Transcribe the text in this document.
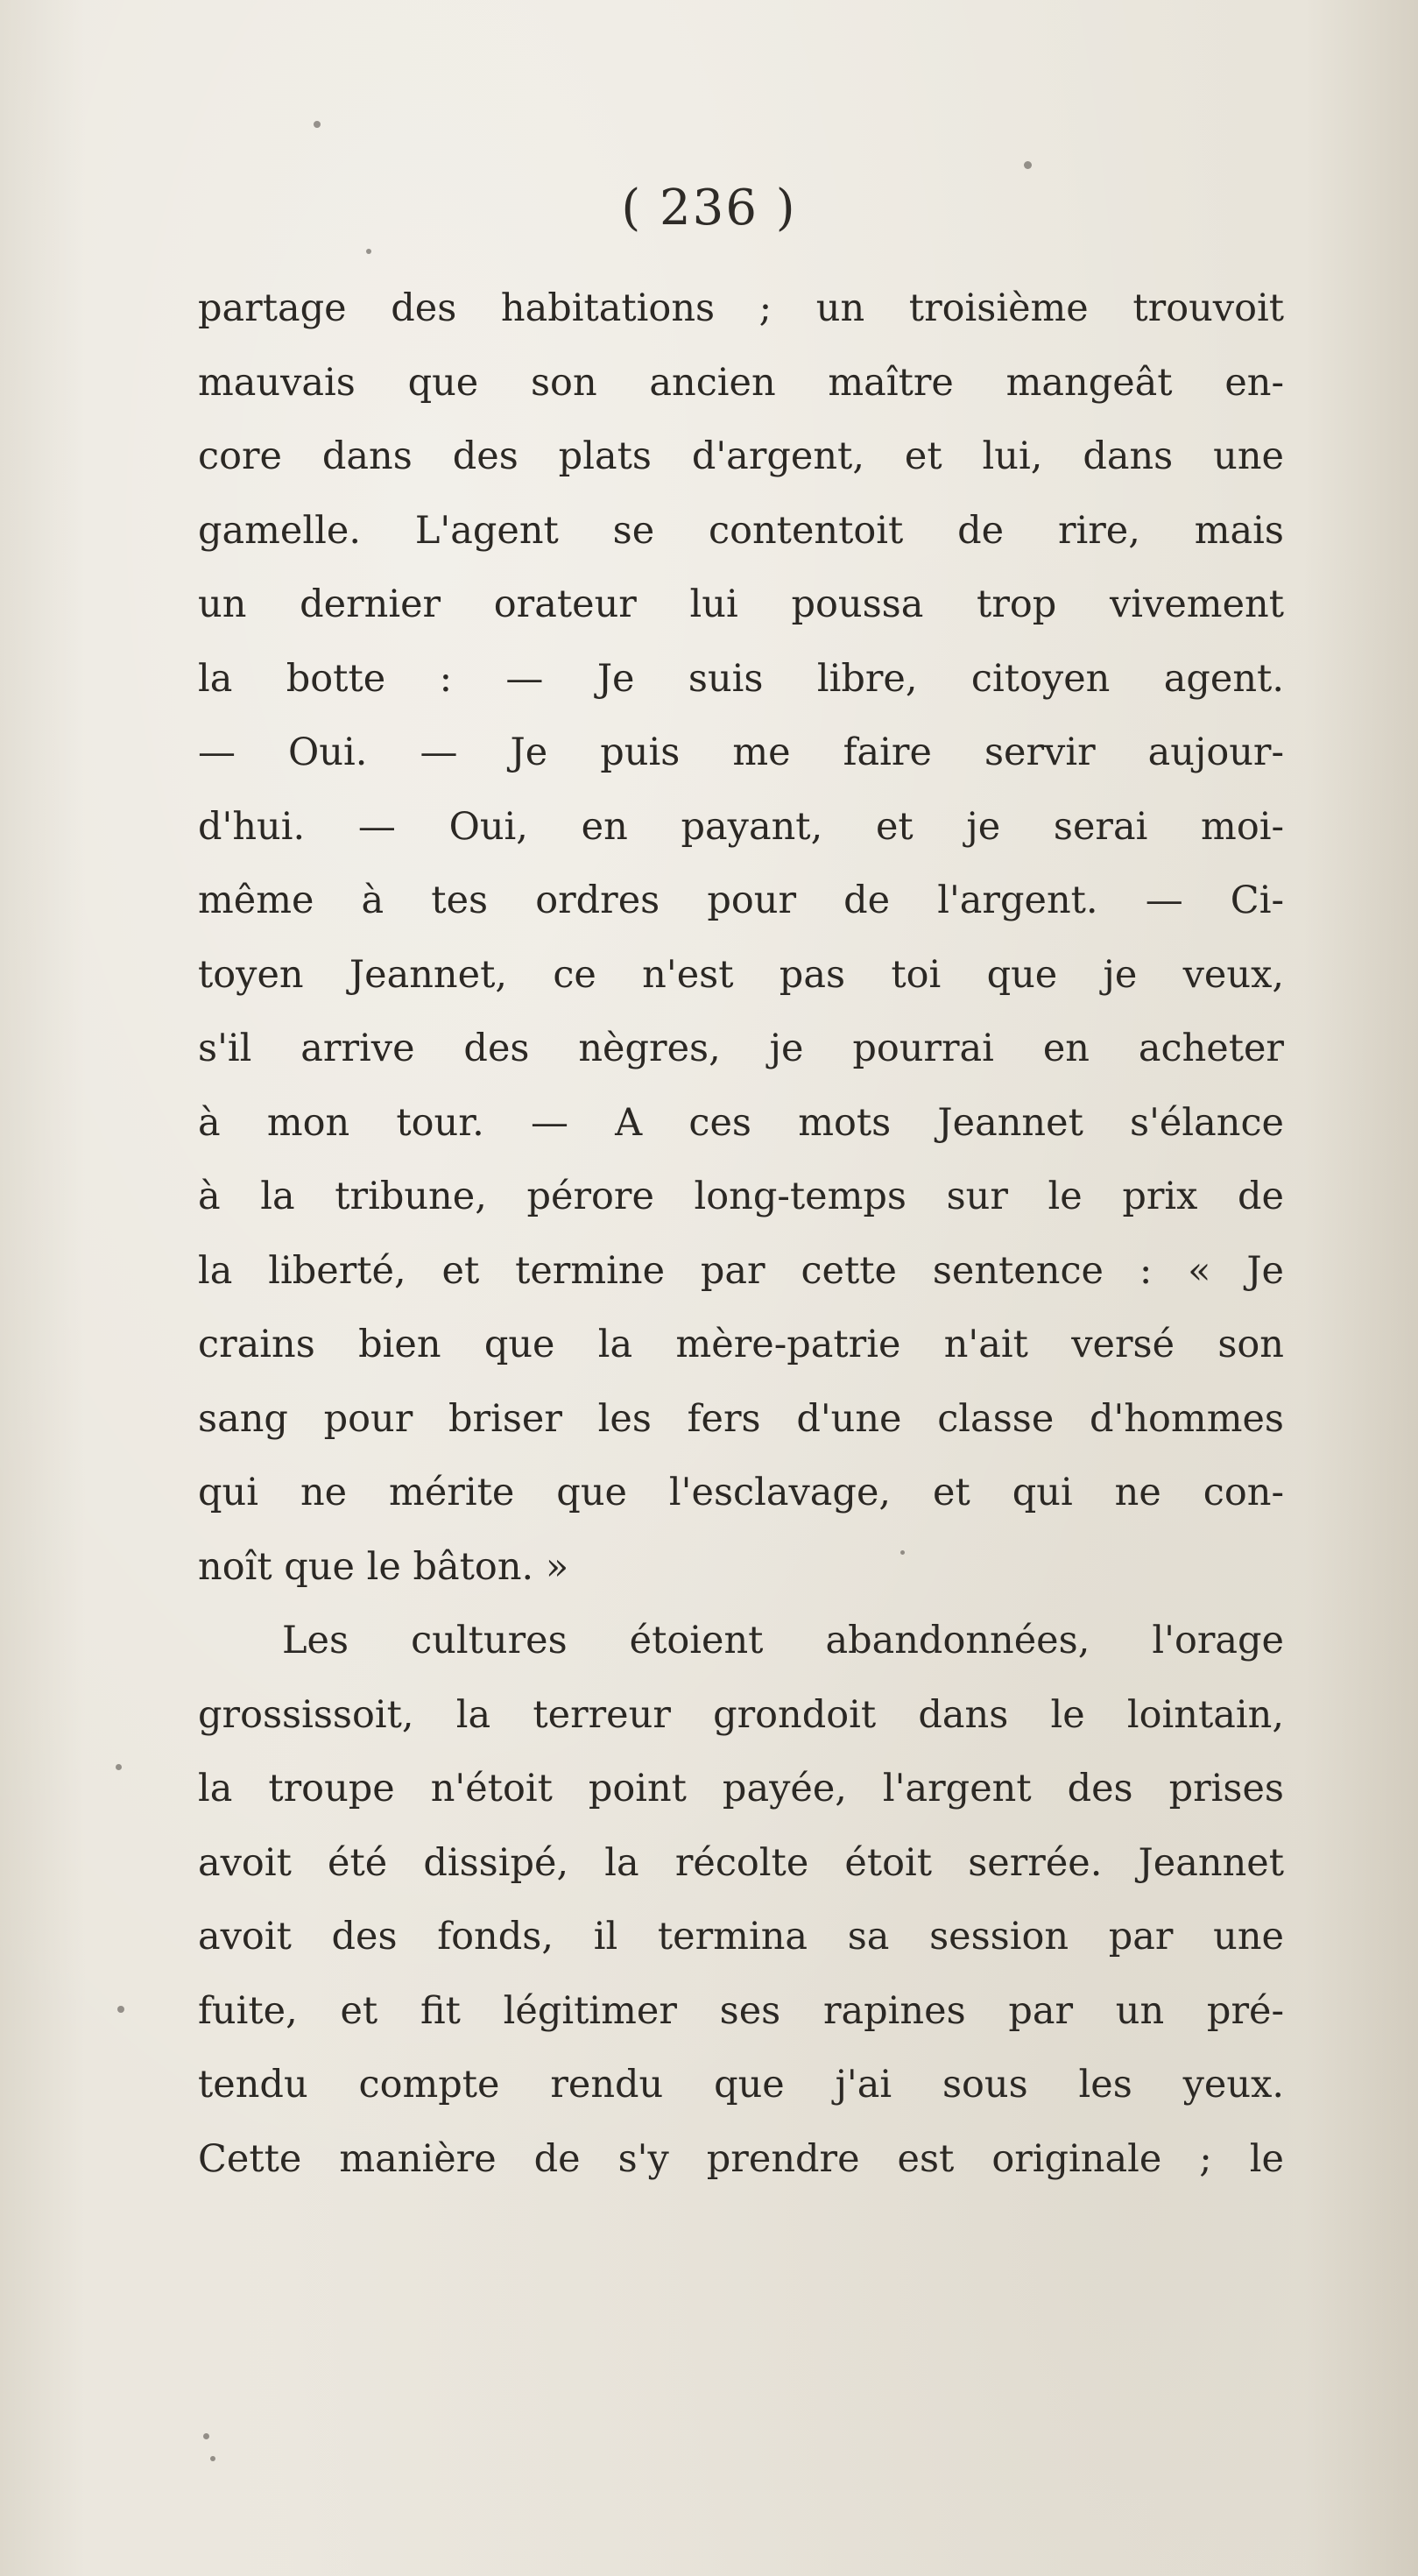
( 236 )
partage des habitations ; un troisième trouvoit
mauvais que son ancien maître mangeât en-
core dans des plats d'argent, et lui, dans une
gamelle. L'agent se contentoit de rire, mais
un dernier orateur lui poussa trop vivement
la botte : — Je suis libre, citoyen agent.
— Oui. — Je puis me faire servir aujour-
d'hui. — Oui, en payant, et je serai moi-
même à tes ordres pour de l'argent. — Ci-
toyen Jeannet, ce n'est pas toi que je veux,
s'il arrive des nègres, je pourrai en acheter
à mon tour. — A ces mots Jeannet s'élance
à la tribune, pérore long-temps sur le prix de
la liberté, et termine par cette sentence : « Je
crains bien que la mère-patrie n'ait versé son
sang pour briser les fers d'une classe d'hommes
qui ne mérite que l'esclavage, et qui ne con-
noît que le bâton. »
Les cultures étoient abandonnées, l'orage
grossissoit, la terreur grondoit dans le lointain,
la troupe n'étoit point payée, l'argent des prises
avoit été dissipé, la récolte étoit serrée. Jeannet
avoit des fonds, il termina sa session par une
fuite, et fit légitimer ses rapines par un pré-
tendu compte rendu que j'ai sous les yeux.
Cette manière de s'y prendre est originale ; le
